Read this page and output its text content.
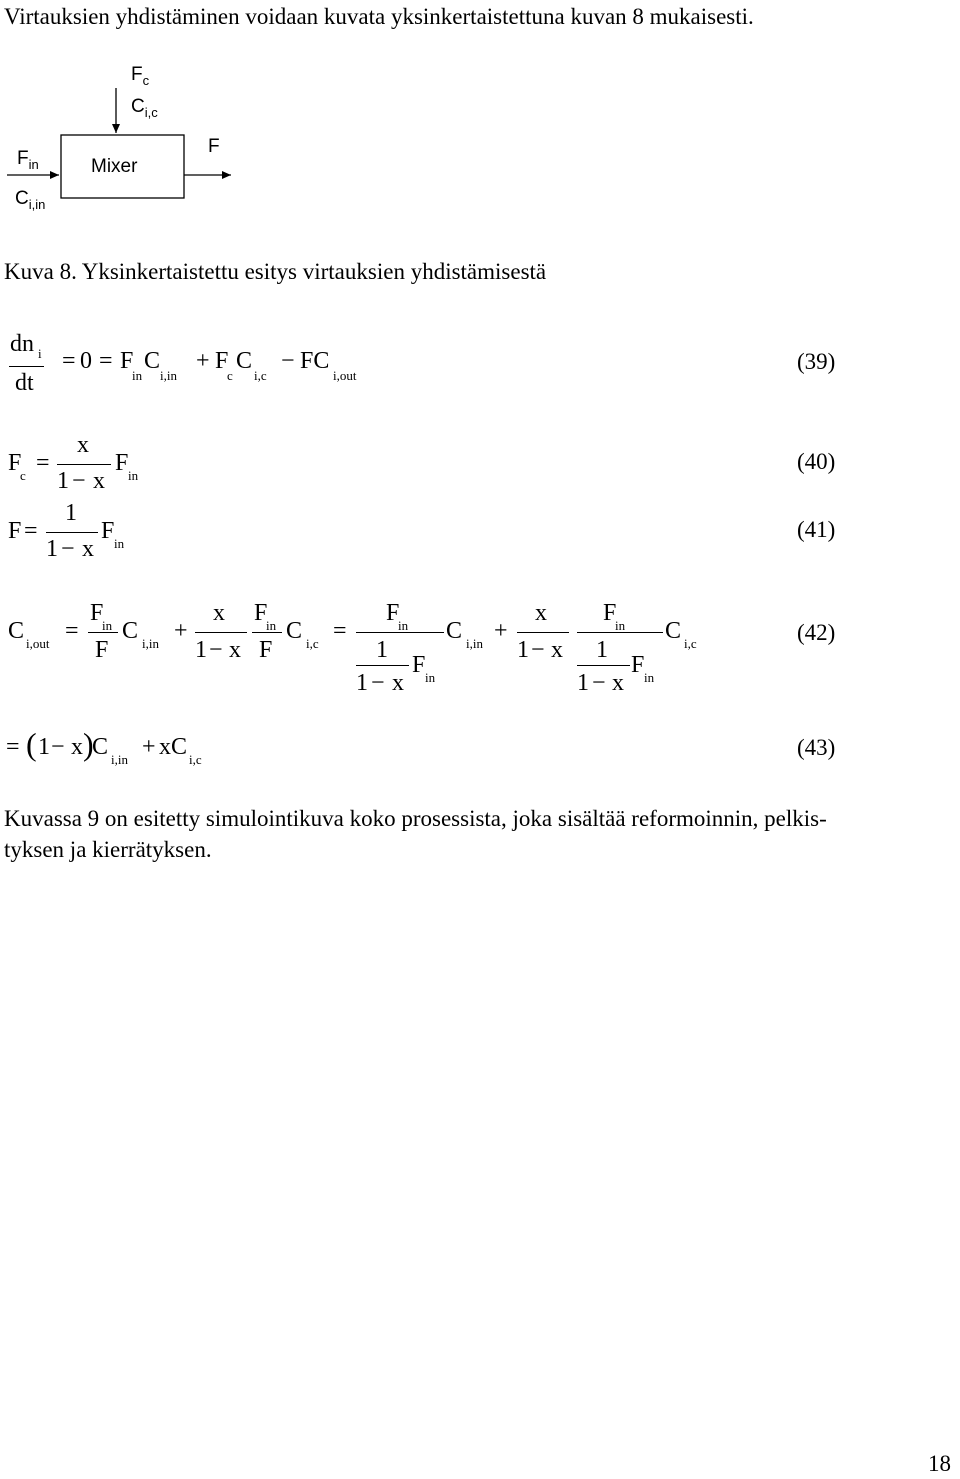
Virtauksien yhdistäminen voidaan kuvata yksinkertaistettuna kuvan 8 mukaisesti.
Mixer
$F_c$
$C_{i,c}$
$F_{in}$
$C_{i,in}$
F
Kuva 8. Yksinkertaistettu esitys virtauksien yhdistämisestä
dn i
dt
= 0 = F
in
C
i,in
+ F
c
C
i,c
− FC
i,out
(39)
F
c =
x
1 − x
F in
(40)
F =
1
1 − x
F in
(41)
C i,out =
F
in
F
C i,in +
x
1 − x
F
in
F
C i,c =
F
in
1
1 − x
F in
C i,in +
x
1 − x
F
in
1
1 − x
F in
C i,c	(42)
= ( 1 − x )
C i,in + xC i,c	(43)
Kuvassa 9 on esitetty simulointikuva koko prosessista, joka sisältää reformoinnin, pelkis-
tyksen ja kierrätyksen.
18
